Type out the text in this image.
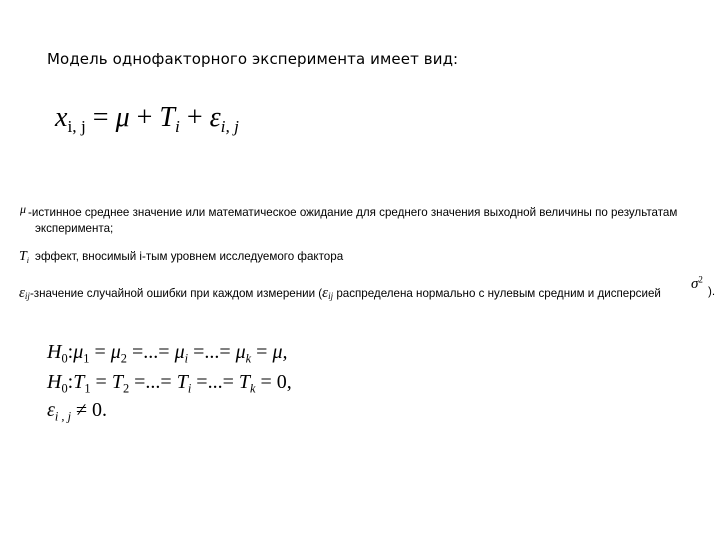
Модель однофакторного эксперимента имеет вид:
$x_{i, j} = \mu + T_i + \varepsilon_{i, j}$
μ -истинное среднее значение или математическое ожидание для среднего значения выходной величины по результатам
эксперимента;
$T_i$ эффект, вносимый i-тым уровнем исследуемого фактора
$\varepsilon_{ij}$-значение случайной ошибки при каждом измерении ($\varepsilon_{ij}$ распределена нормально с нулевым средним и дисперсией
$\sigma^2$
).
$H_0:\mu_1 = \mu_2$ =...= $\mu_i$ =...= $\mu_k = \mu$,
$H_0:T_1 = T_2$ =...= $T_i$ =...= $T_k = 0$,
$\varepsilon_{i , j} \ne 0$.
